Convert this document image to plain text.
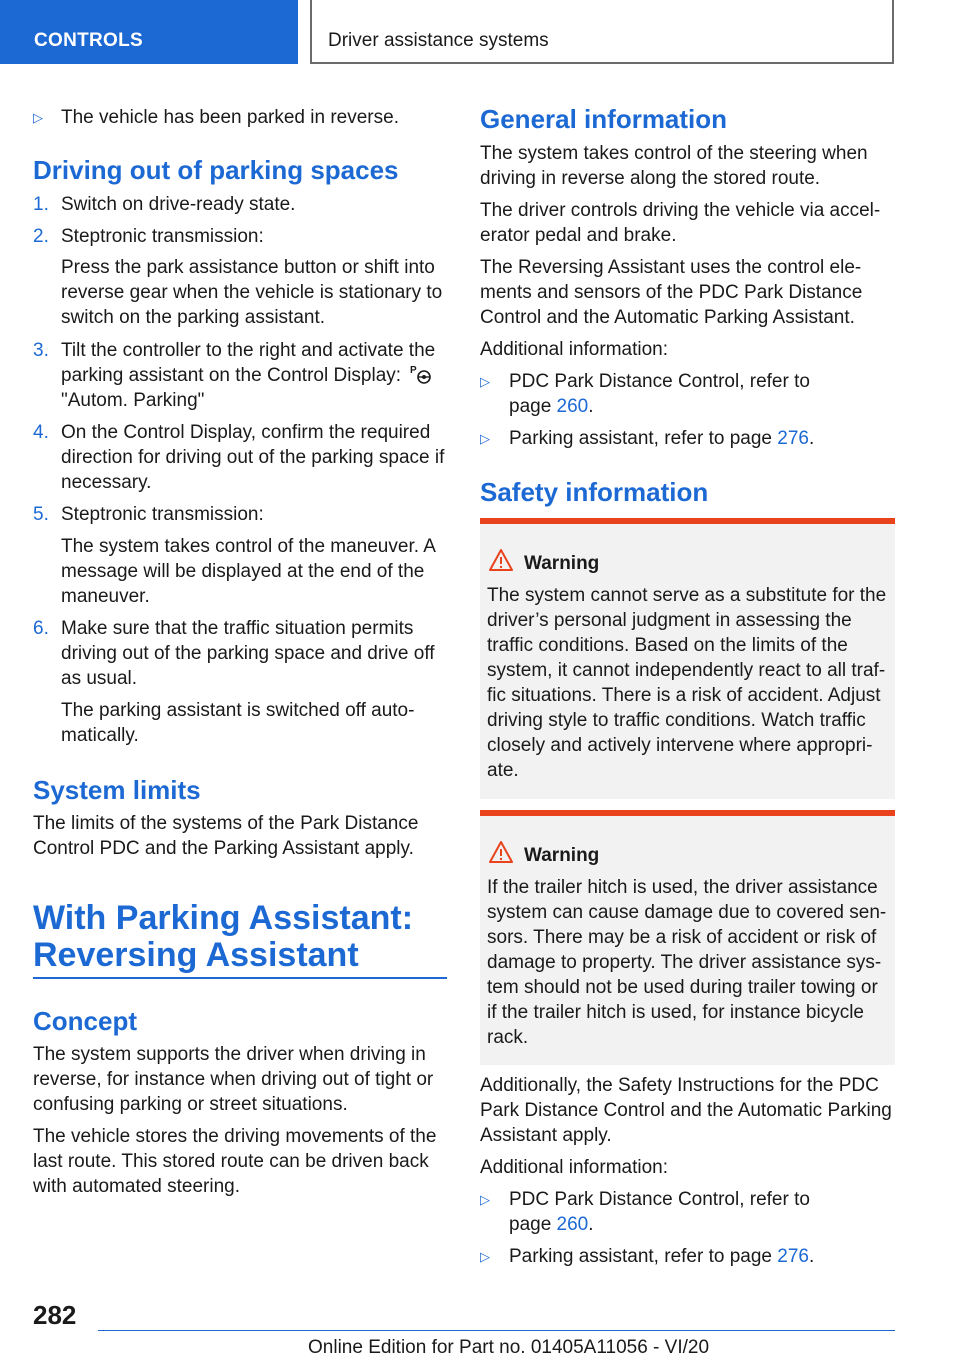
CONTROLS	Driver assistance systems
▷ The vehicle has been parked in reverse.

Driving out of parking spaces
1. Switch on drive-ready state.

2. Steptronic transmission:

Press the park assistance button or shift into

reverse gear when the vehicle is stationary to

switch on the parking assistant.

3. Tilt the controller to the right and activate the

parking assistant on the Control Display: P

"Autom. Parking"

4. On the Control Display, confirm the required

direction for driving out of the parking space if

necessary.

5. Steptronic transmission:

The system takes control of the maneuver. A

message will be displayed at the end of the

maneuver.

6. Make sure that the traffic situation permits

driving out of the parking space and drive off

as usual.

The parking assistant is switched off auto-

matically.

System limits

The limits of the systems of the Park Distance

Control PDC and the Parking Assistant apply.

With Parking Assistant:
Reversing Assistant
Concept

The system supports the driver when driving in

reverse, for instance when driving out of tight or

confusing parking or street situations.

The vehicle stores the driving movements of the

last route. This stored route can be driven back

with automated steering.

General information

The system takes control of the steering when

driving in reverse along the stored route.

The driver controls driving the vehicle via accel-

erator pedal and brake.

The Reversing Assistant uses the control ele-

ments and sensors of the PDC Park Distance

Control and the Automatic Parking Assistant.

Additional information:

▷ PDC Park Distance Control, refer to

page 260.

▷ Parking assistant, refer to page 276.

Safety information
Warning

The system cannot serve as a substitute for the

driver’s personal judgment in assessing the

traffic conditions. Based on the limits of the

system, it cannot independently react to all traf-

fic situations. There is a risk of accident. Adjust

driving style to traffic conditions. Watch traffic

closely and actively intervene where appropri-

ate.

Warning

If the trailer hitch is used, the driver assistance

system can cause damage due to covered sen-

sors. There may be a risk of accident or risk of

damage to property. The driver assistance sys-

tem should not be used during trailer towing or

if the trailer hitch is used, for instance bicycle

rack.

Additionally, the Safety Instructions for the PDC

Park Distance Control and the Automatic Parking

Assistant apply.

Additional information:

▷ PDC Park Distance Control, refer to

page 260.

▷ Parking assistant, refer to page 276.

282
Online Edition for Part no. 01405A11056 - VI/20
